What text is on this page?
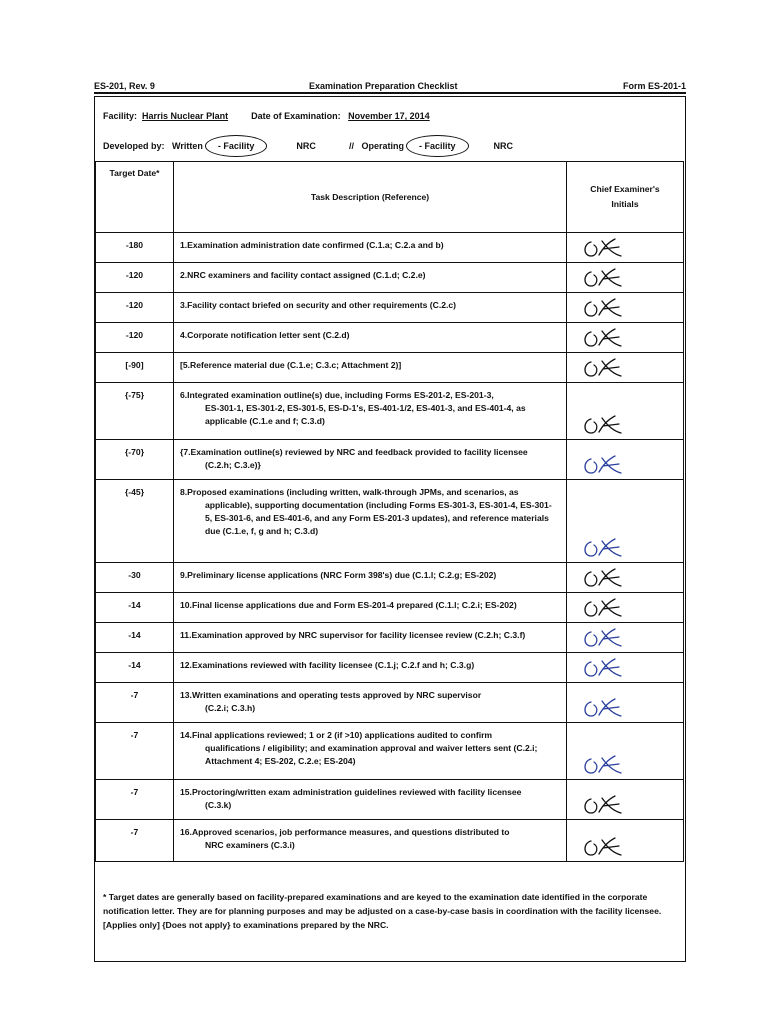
ES-201, Rev. 9	Examination Preparation Checklist	Form ES-201-1
Facility: Harris Nuclear Plant	Date of Examination: November 17, 2014
Developed by: Written - Facility	NRC	// Operating - Facility	NRC
Target Date*	Task Description (Reference)	Chief Examiner's Initials
-180	1.Examination administration date confirmed (C.1.a; C.2.a and b)	

-120	2.NRC examiners and facility contact assigned (C.1.d; C.2.e)	

-120	3.Facility contact briefed on security and other requirements (C.2.c)	

-120	4.Corporate notification letter sent (C.2.d)	

[-90]	[5.Reference material due (C.1.e; C.3.c; Attachment 2)]	

{-75}	6.Integrated examination outline(s) due, including Forms ES-201-2, ES-201-3,
ES-301-1, ES-301-2, ES-301-5, ES-D-1's, ES-401-1/2, ES-401-3, and ES-401-4, as applicable (C.1.e and f; C.3.d)

{-70}	{7.Examination outline(s) reviewed by NRC and feedback provided to facility licensee
(C.2.h; C.3.e)}

{-45}	8.Proposed examinations (including written, walk-through JPMs, and scenarios, as
applicable), supporting documentation (including Forms ES-301-3, ES-301-4, ES-301-5, ES-301-6, and ES-401-6, and any Form ES-201-3 updates), and reference materials due (C.1.e, f, g and h; C.3.d)

-30	9.Preliminary license applications (NRC Form 398's) due (C.1.l; C.2.g; ES-202)	

-14	10.Final license applications due and Form ES-201-4 prepared (C.1.l; C.2.i; ES-202)	

-14	11.Examination approved by NRC supervisor for facility licensee review (C.2.h; C.3.f)	

-14	12.Examinations reviewed with facility licensee (C.1.j; C.2.f and h; C.3.g)	

-7	13.Written examinations and operating tests approved by NRC supervisor
(C.2.i; C.3.h)

-7	14.Final applications reviewed; 1 or 2 (if >10) applications audited to confirm
qualifications / eligibility; and examination approval and waiver letters sent (C.2.i; Attachment 4; ES-202, C.2.e; ES-204)

-7	15.Proctoring/written exam administration guidelines reviewed with facility licensee
(C.3.k)

-7	16.Approved scenarios, job performance measures, and questions distributed to
NRC examiners (C.3.i)

* Target dates are generally based on facility-prepared examinations and are keyed to the examination date identified in the corporate notification letter. They are for planning purposes and may be adjusted on a case-by-case basis in coordination with the facility licensee.
[Applies only] {Does not apply} to examinations prepared by the NRC.
